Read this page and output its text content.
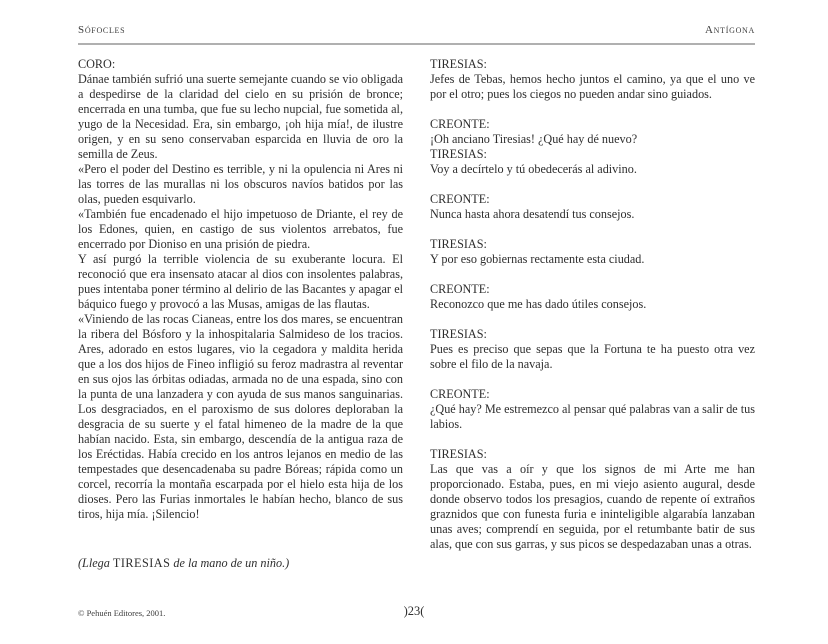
Sófocles	Antígona

CORO:

Dánae también sufrió una suerte semejante cuando se vio obligada a despedirse de la claridad del cielo en su prisión de bronce; encerrada en una tumba, que fue su lecho nupcial, fue sometida al, yugo de la Necesidad. Era, sin embargo, ¡oh hija mía!, de ilustre origen, y en su seno conservaban esparcida en lluvia de oro la semilla de Zeus.

«Pero el poder del Destino es terrible, y ni la opulencia ni Ares ni las torres de las murallas ni los obscuros navíos batidos por las olas, pueden esquivarlo.

«También fue encadenado el hijo impetuoso de Driante, el rey de los Edones, quien, en castigo de sus violentos arrebatos, fue encerrado por Dioniso en una prisión de piedra.

Y así purgó la terrible violencia de su exuberante locura. El reconoció que era insensato atacar al dios con insolentes palabras, pues intentaba poner término al delirio de las Bacantes y apagar el báquico fuego y provocó a las Musas, amigas de las flautas.

«Viniendo de las rocas Cianeas, entre los dos mares, se encuentran la ribera del Bósforo y la inhospitalaria Salmideso de los tracios. Ares, adorado en estos lugares, vio la cegadora y maldita herida que a los dos hijos de Fineo infligió su feroz madrastra al reventar en sus ojos las órbitas odiadas, armada no de una espada, sino con la punta de una lanzadera y con ayuda de sus manos sanguinarias. Los desgraciados, en el paroxismo de sus dolores deploraban la desgracia de su suerte y el fatal himeneo de la madre de la que habían nacido. Esta, sin embargo, descendía de la antigua raza de los Eréctidas. Había crecido en los antros lejanos en medio de las tempestades que desencadenaba su padre Bóreas; rápida como un corcel, recorría la montaña escarpada por el hielo esta hija de los dioses. Pero las Furias inmortales le habían hecho, blanco de sus tiros, hija mía. ¡Silencio!

(Llega TIRESIAS de la mano de un niño.)

TIRESIAS:

Jefes de Tebas, hemos hecho juntos el camino, ya que el uno ve por el otro; pues los ciegos no pueden andar sino guiados.

CREONTE:

¡Oh anciano Tiresias! ¿Qué hay dé nuevo?

TIRESIAS:

Voy a decírtelo y tú obedecerás al adivino.

CREONTE:

Nunca hasta ahora desatendí tus consejos.

TIRESIAS:

Y por eso gobiernas rectamente esta ciudad.

CREONTE:

Reconozco que me has dado útiles consejos.

TIRESIAS:

Pues es preciso que sepas que la Fortuna te ha puesto otra vez sobre el filo de la navaja.

CREONTE:

¿Qué hay? Me estremezco al pensar qué palabras van a salir de tus labios.

TIRESIAS:

Las que vas a oír y que los signos de mi Arte me han proporcionado. Estaba, pues, en mi viejo asiento augural, desde donde observo todos los presagios, cuando de repente oí extraños graznidos que con funesta furia e ininteligible algarabía lanzaban unas aves; comprendí en seguida, por el retumbante batir de sus alas, que con sus garras, y sus picos se despedazaban unas a otras.

© Pehuén Editores, 2001.	)23(
